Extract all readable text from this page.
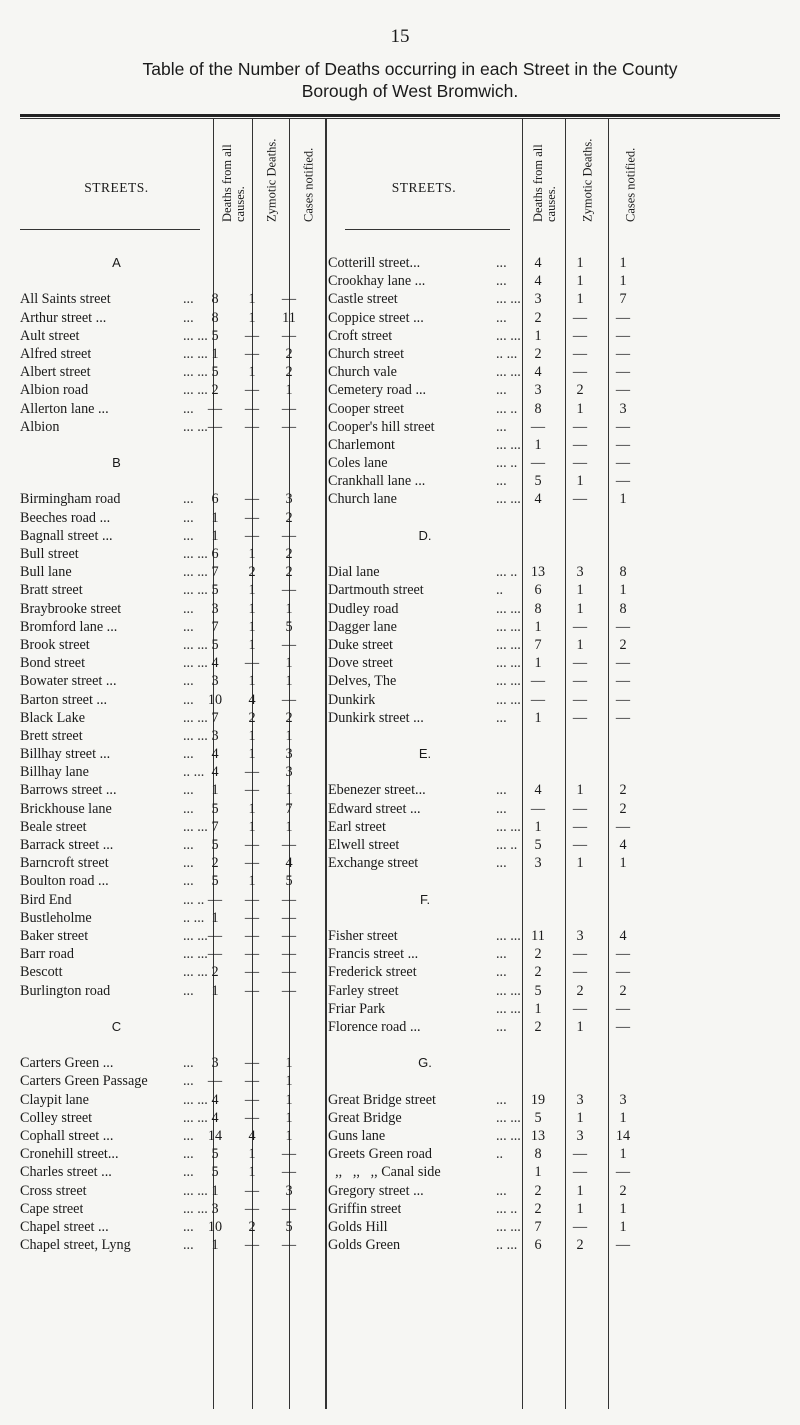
15
Table of the Number of Deaths occurring in each Street in the County
Borough of West Bromwich.
STREETS.	Deaths from all causes.	Zymotic Deaths.	Cases notified.	STREETS.	Deaths from all causes.	Zymotic Deaths.	Cases notified.
A
All Saints street	...	8	1	—
Arthur street ...	...	8	1	11
Ault street	... ... 5	—	—
Alfred street	... ... 1	—	2
Albert street	... ... 5	1	2
Albion road	... ... 2	—	1
Allerton lane ...	...	—	—	—
Albion	... ... —	—	—
B
Birmingham road	...	6	—	3
Beeches road ...	...	1	—	2
Bagnall street ...	...	1	—	—
Bull street	... ... 6	1	2
Bull lane	... ... 7	2	2
Bratt street	... ... 5	1	—
Braybrooke street	...	3	1	1
Bromford lane ...	...	7	1	5
Brook street	... ... 5	1	—
Bond street	... ... 4	—	1
Bowater street ...	...	3	1	1
Barton street ...	...	10	4	—
Black Lake	... ... 7	2	2
Brett street	... ... 3	1	1
Billhay street ...	...	4	1	3
Billhay lane	.. ... 4	—	3
Barrows street ...	...	1	—	1
Brickhouse lane	...	5	1	7
Beale street	... ... 7	1	1
Barrack street ...	...	5	—	—
Barncroft street	...	2	—	4
Boulton road ...	...	5	1	5
Bird End	... .. —	—	—
Bustleholme	.. ... 1	—	—
Baker street	... ... —	—	—
Barr road	... ... —	—	—
Bescott	... ... 2	—	—
Burlington road	...	1	—	—
C
Carters Green ...	...	3	—	1
Carters Green Passage ...	—	—	1
Claypit lane	... ... 4	—	1
Colley street	... ... 4	—	1
Cophall street ...	...	14	4	1
Cronehill street...	...	5	1	—
Charles street ...	...	5	1	—
Cross street	... ... 1	—	3
Cape street	... ... 3	—	—
Chapel street ...	...	10	2	5
Chapel street, Lyng	...	1	—	—
Cotterill street...	...	4	1	1
Crookhay lane ...	...	4	1	1
Castle street	... ... 3	1	7
Coppice street ...	...	2	—	—
Croft street	... ... 1	—	—
Church street	.. ...	2	—	—
Church vale	... ... 4	—	—
Cemetery road ...	...	3	2	—
Cooper street	... ..	8	1	3
Cooper's hill street	...	—	—	—
Charlemont	... ... 1	—	—
Coles lane	... .. —	—	—
Crankhall lane ...	...	5	1	—
Church lane	... ... 4	—	1
D.
Dial lane	... .. 13	3	8
Dartmouth street	..	6	1	1
Dudley road	... ... 8	1	8
Dagger lane	... ... 1	—	—
Duke street	... ... 7	1	2
Dove street	... ... 1	—	—
Delves, The	... ... —	—	—
Dunkirk	... ... —	—	—
Dunkirk street ...	...	1	—	—
E.
Ebenezer street...	...	4	1	2
Edward street ...	...	—	—	2
Earl street	... ... 1	—	—
Elwell street	... ..	5	—	4
Exchange street	...	3	1	1
F.
Fisher street	... ... 11	3	4
Francis street ...	...	2	—	—
Frederick street	...	2	—	—
Farley street	... ... 5	2	2
Friar Park	... ... 1	—	—
Florence road ...	...	2	1	—
G.
Great Bridge street	...	19	3	3
Great Bridge	... ... 5	1	1
Guns lane	... ... 13	3	14
Greets Green road	..	8	—	1
,,   ,,   ,, Canal side	1	—	—
Gregory street ...	...	2	1	2
Griffin street	... ..	2	1	1
Golds Hill	... ... 7	—	1
Golds Green	.. ...	6	2	—
